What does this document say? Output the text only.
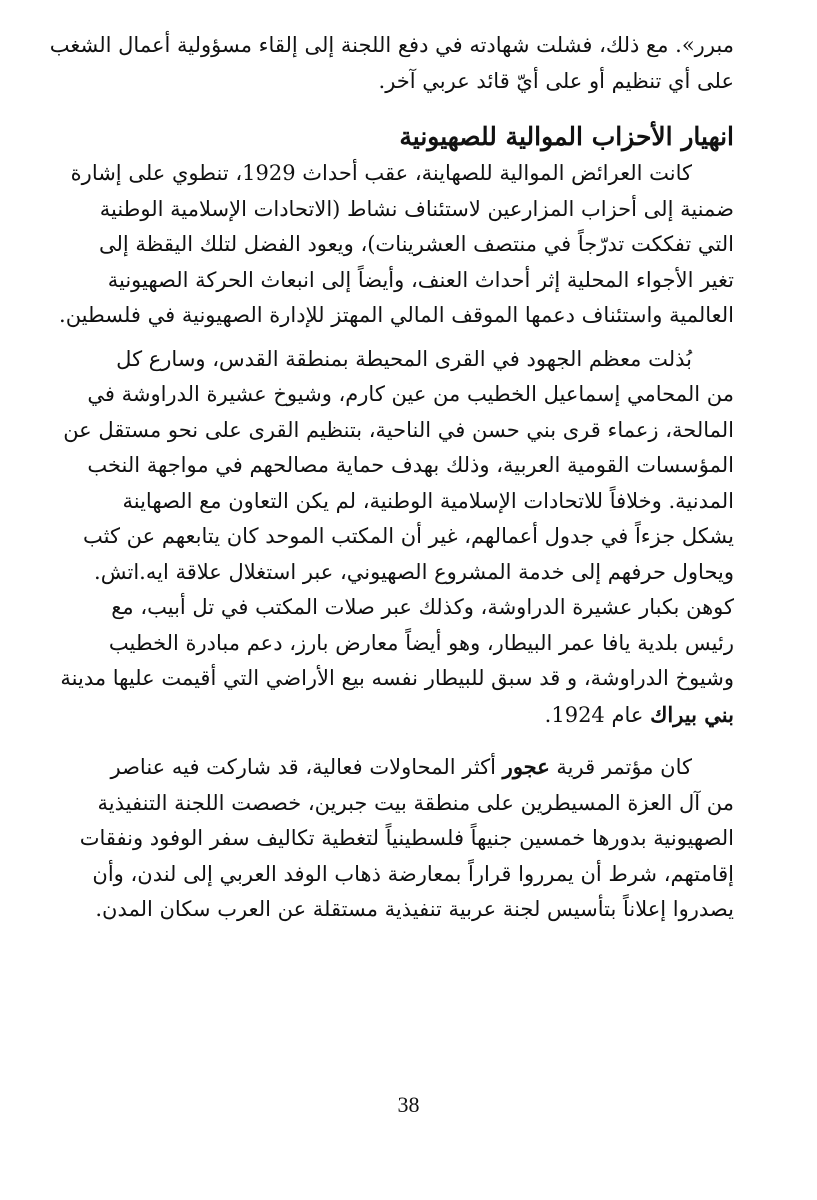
مبرر». مع ذلك، فشلت شهادته في دفع اللجنة إلى إلقاء مسؤولية أعمال الشغب
على أي تنظيم أو على أيّ قائد عربي آخر.
انهيار الأحزاب الموالية للصهيونية
كانت العرائض الموالية للصهاينة، عقب أحداث 1929، تنطوي على إشارة
ضمنية إلى أحزاب المزارعين لاستئناف نشاط (الاتحادات الإسلامية الوطنية
التي تفككت تدرّجاً في منتصف العشرينات)، ويعود الفضل لتلك اليقظة إلى
تغير الأجواء المحلية إثر أحداث العنف، وأيضاً إلى انبعاث الحركة الصهيونية
العالمية واستئناف دعمها الموقف المالي المهتز للإدارة الصهيونية في فلسطين.
بُذلت معظم الجهود في القرى المحيطة بمنطقة القدس، وسارع كل
من المحامي إسماعيل الخطيب من عين كارم، وشيوخ عشيرة الدراوشة في
المالحة، زعماء قرى بني حسن في الناحية، بتنظيم القرى على نحو مستقل عن
المؤسسات القومية العربية، وذلك بهدف حماية مصالحهم في مواجهة النخب
المدنية. وخلافاً للاتحادات الإسلامية الوطنية، لم يكن التعاون مع الصهاينة
يشكل جزءاً في جدول أعمالهم، غير أن المكتب الموحد كان يتابعهم عن كثب
ويحاول حرفهم إلى خدمة المشروع الصهيوني، عبر استغلال علاقة ايه.اتش.
كوهن بكبار عشيرة الدراوشة، وكذلك عبر صلات المكتب في تل أبيب، مع
رئيس بلدية يافا عمر البيطار، وهو أيضاً معارض بارز، دعم مبادرة الخطيب
وشيوخ الدراوشة، و قد سبق للبيطار نفسه بيع الأراضي التي أقيمت عليها مدينة
بني بيراك عام 1924.
كان مؤتمر قرية عجور أكثر المحاولات فعالية، قد شاركت فيه عناصر
من آل العزة المسيطرين على منطقة بيت جبرين، خصصت اللجنة التنفيذية
الصهيونية بدورها خمسين جنيهاً فلسطينياً لتغطية تكاليف سفر الوفود ونفقات
إقامتهم، شرط أن يمرروا قراراً بمعارضة ذهاب الوفد العربي إلى لندن، وأن
يصدروا إعلاناً بتأسيس لجنة عربية تنفيذية مستقلة عن العرب سكان المدن.
38
